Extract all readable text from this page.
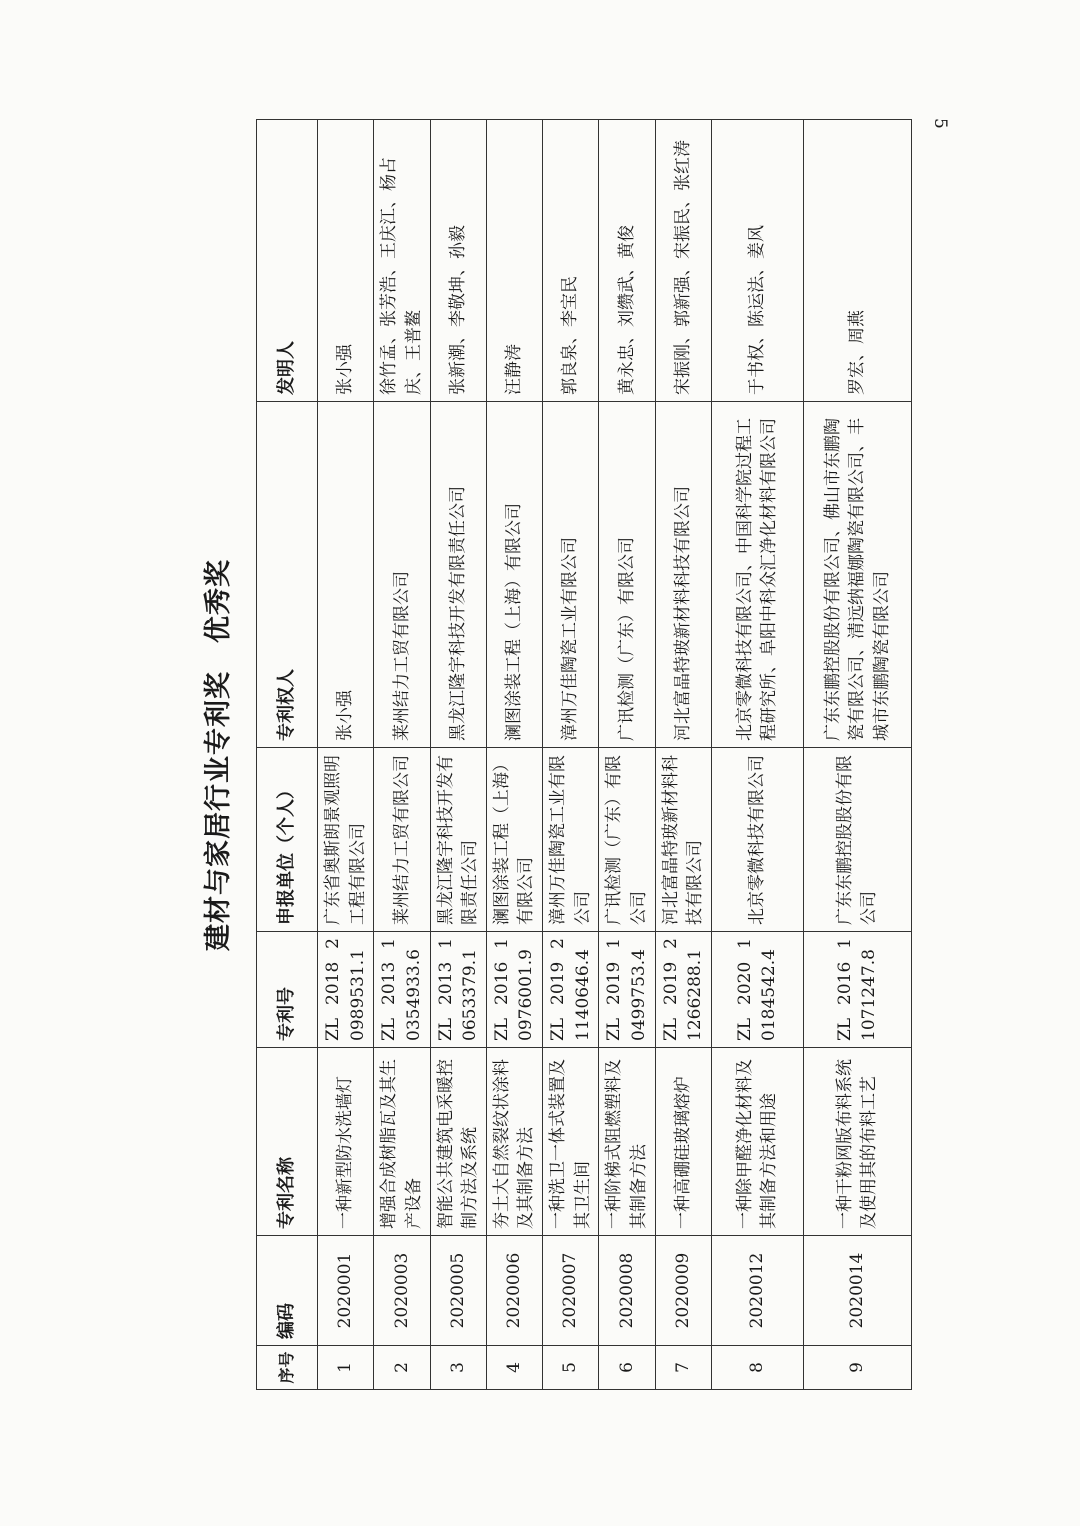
5
建材与家居行业专利奖优秀奖
序号	编码	专利名称	专利号	申报单位（个人）	专利权人	发明人
1	2020001	一种新型防水洗墙灯	ZL 2018 2 0989531.1	广东省奥斯朗景观照明工程有限公司	张小强	张小强
2	2020003	增强合成树脂瓦及其生产设备	ZL 2013 1 0354933.6	莱州结力工贸有限公司	莱州结力工贸有限公司	徐竹孟、张芳浩、王庆江、杨占庆、王普鳌
3	2020005	智能公共建筑电采暖控制方法及系统	ZL 2013 1 0653379.1	黑龙江隆宇科技开发有限责任公司	黑龙江隆宇科技开发有限责任公司	张新潮、李敬坤、孙毅
4	2020006	夯土大自然裂纹状涂料及其制备方法	ZL 2016 1 0976001.9	澜图涂装工程（上海）有限公司	澜图涂装工程（上海）有限公司	汪静涛
5	2020007	一种洗卫一体式装置及其卫生间	ZL 2019 2 1140646.4	漳州万佳陶瓷工业有限公司	漳州万佳陶瓷工业有限公司	郭良泉、李宝民
6	2020008	一种阶梯式阻燃塑料及其制备方法	ZL 2019 1 0499753.4	广讯检测（广东）有限公司	广讯检测（广东）有限公司	黄永忠、刘缵武、黄俊
7	2020009	一种高硼硅玻璃熔炉	ZL 2019 2 1266288.1	河北富晶特玻新材料科技有限公司	河北富晶特玻新材料科技有限公司	宋振刚、郭新强、宋振民、张红涛
8	2020012	一种除甲醛净化材料及其制备方法和用途	ZL 2020 1 0184542.4	北京零微科技有限公司	北京零微科技有限公司、中国科学院过程工程研究所、阜阳中科众汇净化材料有限公司	于书权、陈运法、姜风
9	2020014	一种干粉网版布料系统及使用其的布料工艺	ZL 2016 1 1071247.8	广东东鹏控股股份有限公司	广东东鹏控股股份有限公司、佛山市东鹏陶瓷有限公司、清远纳福娜陶瓷有限公司、丰城市东鹏陶瓷有限公司	罗宏、周燕
